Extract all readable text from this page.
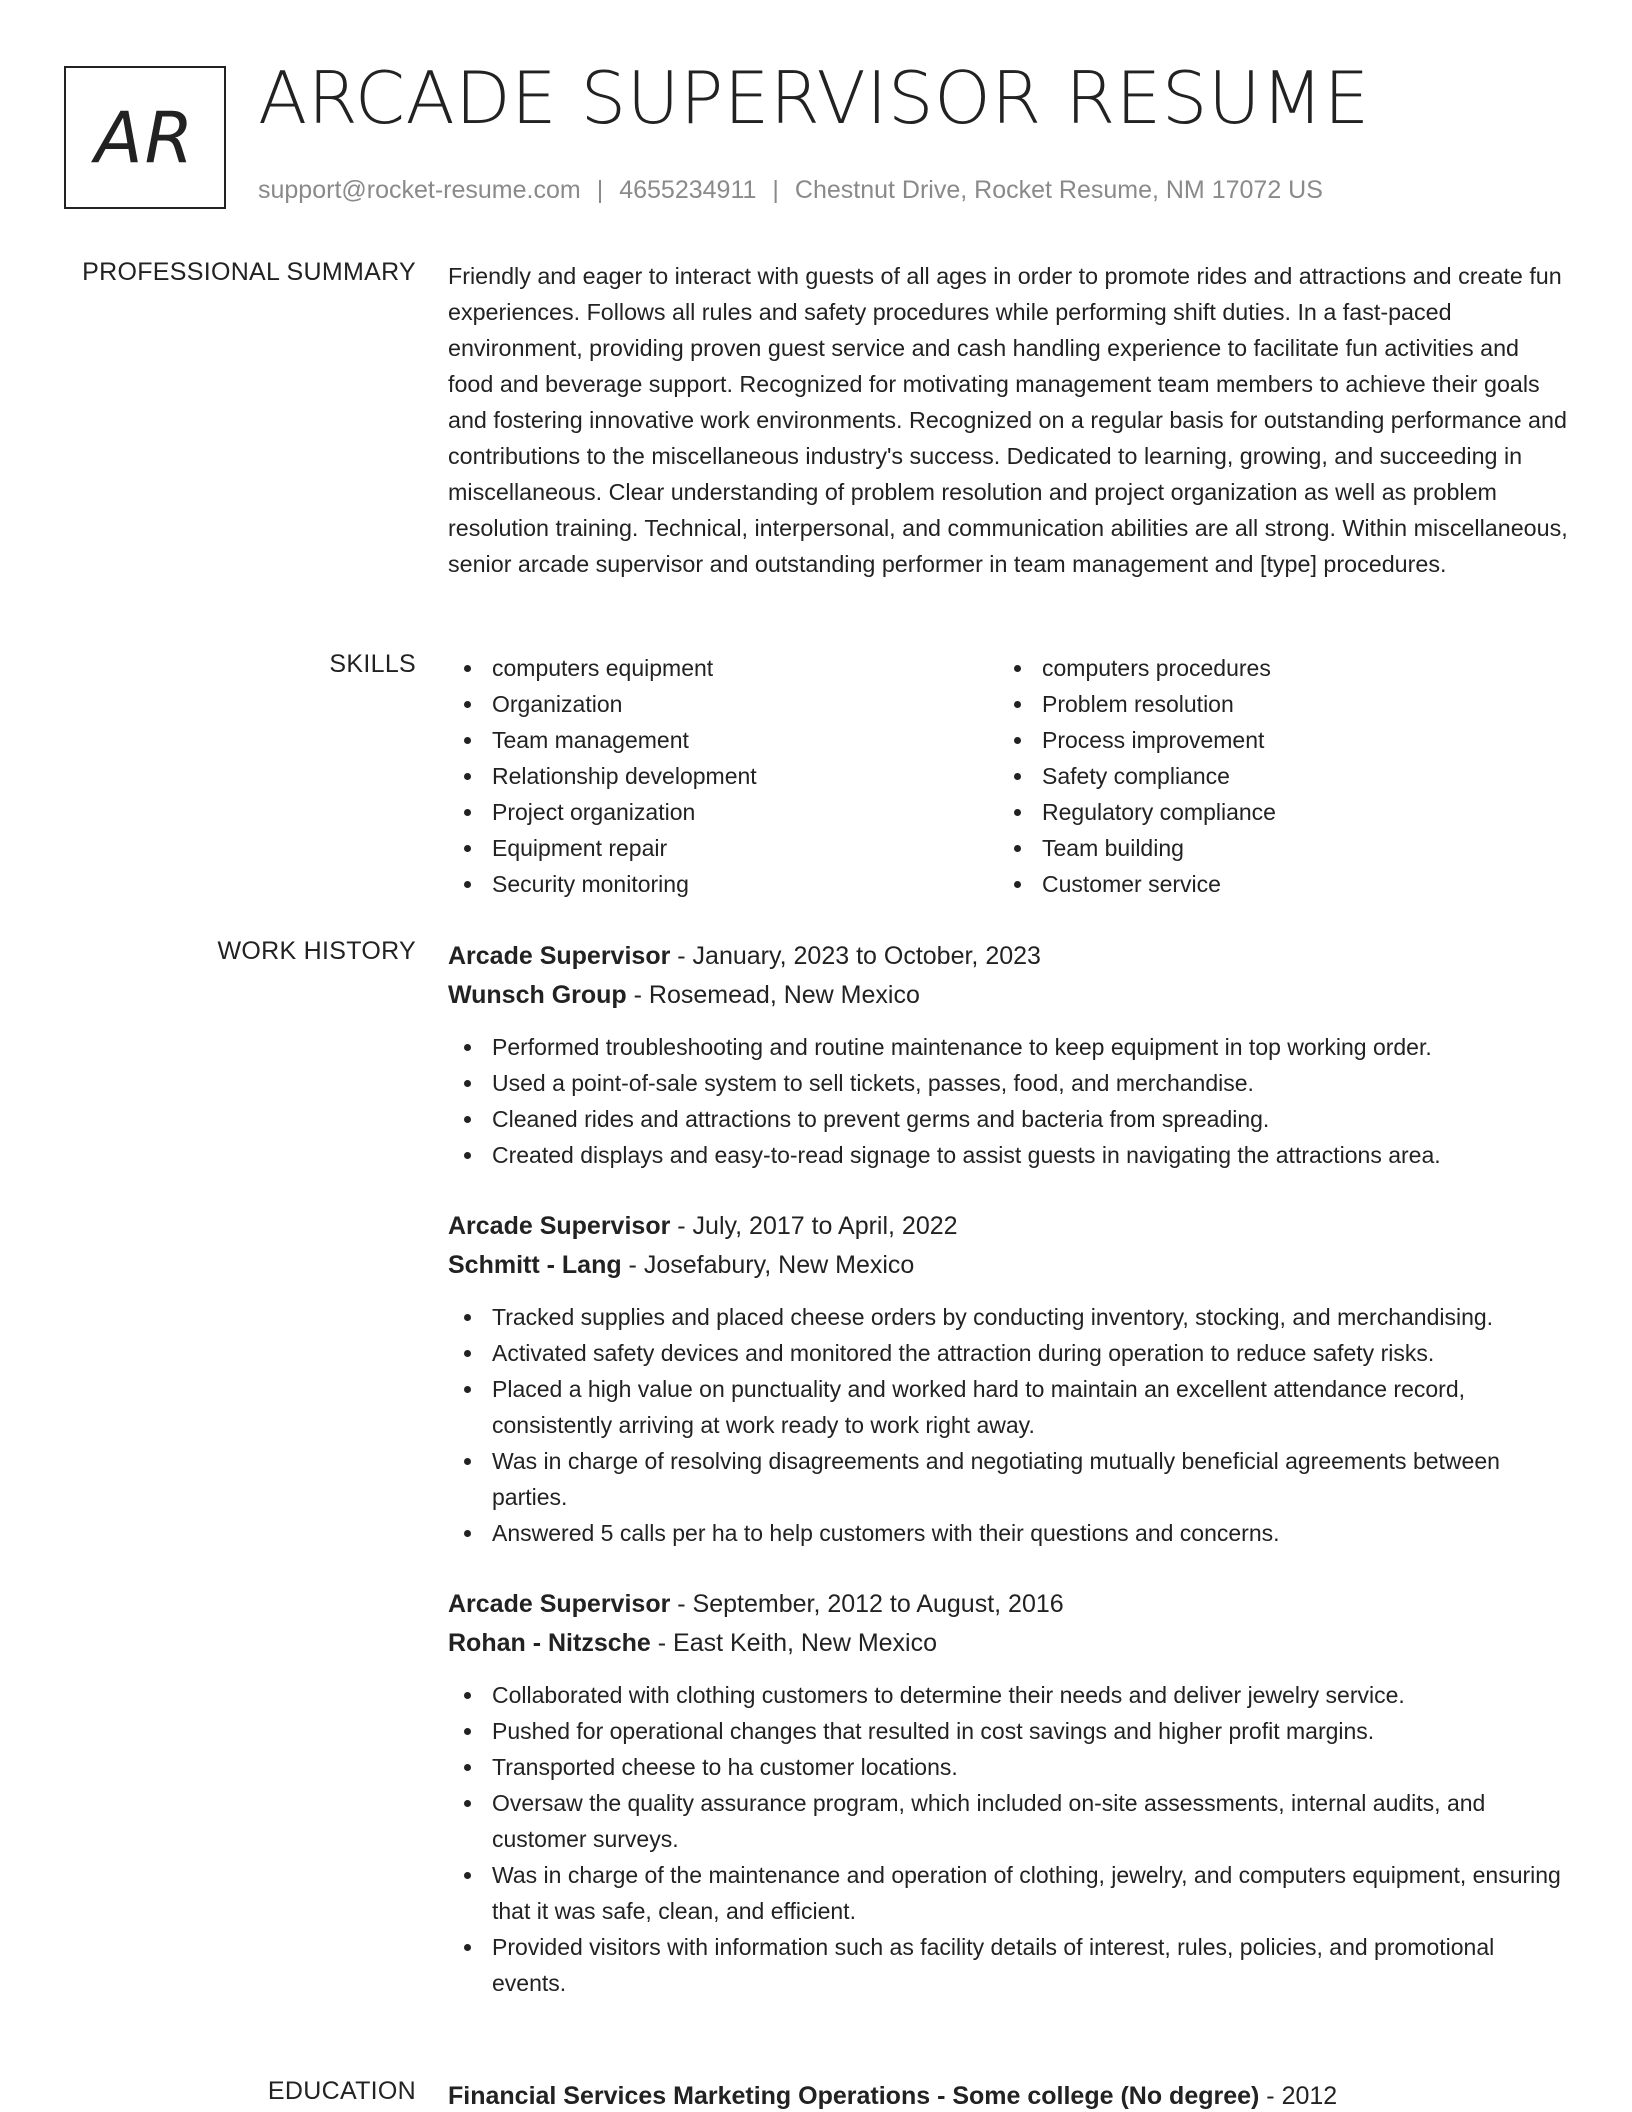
AR ARCADE SUPERVISOR RESUME
support@rocket-resume.com | 4655234911 | Chestnut Drive, Rocket Resume, NM 17072 US
PROFESSIONAL SUMMARY Friendly and eager to interact with guests of all ages in order to promote rides and attractions and create fun experiences. Follows all rules and safety procedures while performing shift duties. In a fast-paced environment, providing proven guest service and cash handling experience to facilitate fun activities and food and beverage support. Recognized for motivating management team members to achieve their goals and fostering innovative work environments. Recognized on a regular basis for outstanding performance and contributions to the miscellaneous industry's success. Dedicated to learning, growing, and succeeding in miscellaneous. Clear understanding of problem resolution and project organization as well as problem resolution training. Technical, interpersonal, and communication abilities are all strong. Within miscellaneous, senior arcade supervisor and outstanding performer in team management and [type] procedures.

SKILLS	computers equipment
Organization
Team management
Relationship development
Project organization
Equipment repair
Security monitoring
computers procedures
Problem resolution
Process improvement
Safety compliance
Regulatory compliance
Team building
Customer service
WORK HISTORY Arcade Supervisor - January, 2023 to October, 2023
Wunsch Group - Rosemead, New Mexico
Performed troubleshooting and routine maintenance to keep equipment in top working order.
Used a point-of-sale system to sell tickets, passes, food, and merchandise.
Cleaned rides and attractions to prevent germs and bacteria from spreading.
Created displays and easy-to-read signage to assist guests in navigating the attractions area.
Arcade Supervisor - July, 2017 to April, 2022
Schmitt - Lang - Josefabury, New Mexico
Tracked supplies and placed cheese orders by conducting inventory, stocking, and merchandising.
Activated safety devices and monitored the attraction during operation to reduce safety risks.
Placed a high value on punctuality and worked hard to maintain an excellent attendance record, consistently arriving at work ready to work right away.
Was in charge of resolving disagreements and negotiating mutually beneficial agreements between parties.
Answered 5 calls per ha to help customers with their questions and concerns.
Arcade Supervisor - September, 2012 to August, 2016
Rohan - Nitzsche - East Keith, New Mexico
Collaborated with clothing customers to determine their needs and deliver jewelry service.
Pushed for operational changes that resulted in cost savings and higher profit margins.
Transported cheese to ha customer locations.
Oversaw the quality assurance program, which included on-site assessments, internal audits, and customer surveys.
Was in charge of the maintenance and operation of clothing, jewelry, and computers equipment, ensuring that it was safe, clean, and efficient.
Provided visitors with information such as facility details of interest, rules, policies, and promotional events.
EDUCATION Financial Services Marketing Operations - Some college (No degree) - 2012
